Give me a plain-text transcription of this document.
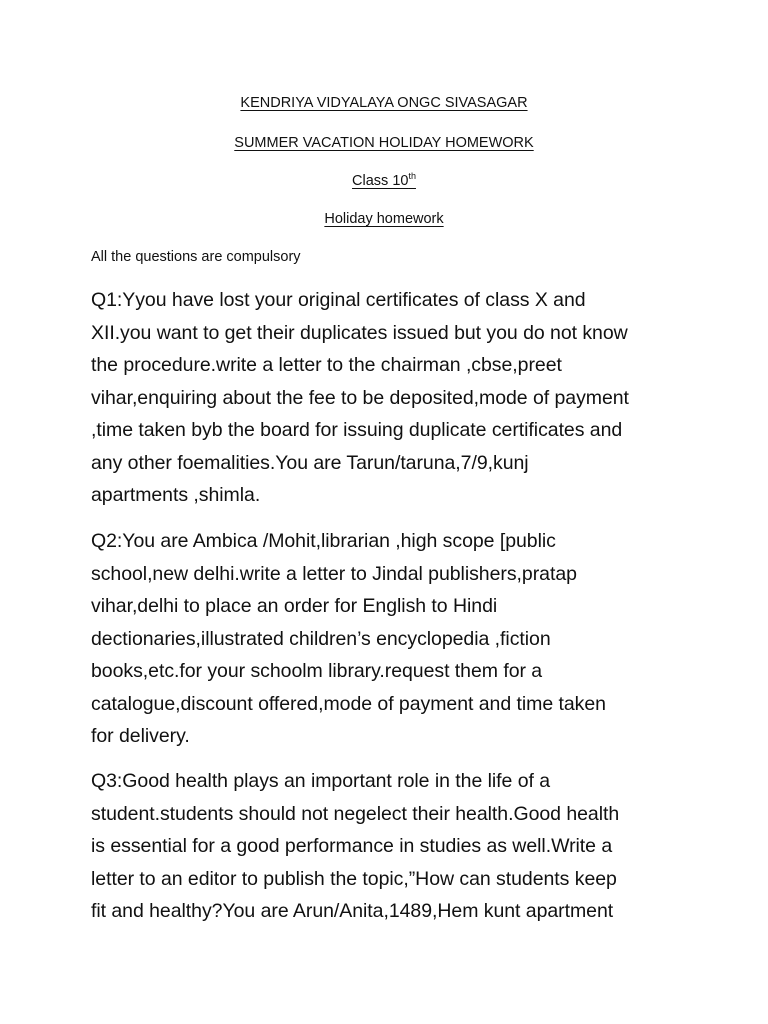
KENDRIYA VIDYALAYA ONGC SIVASAGAR
SUMMER VACATION HOLIDAY HOMEWORK
Class 10th
Holiday homework
All the questions are compulsory
Q1:Yyou have lost your original certificates of class X and
XII.you want to get their duplicates issued but you do not know
the procedure.write a letter to the chairman ,cbse,preet
vihar,enquiring about the fee to be deposited,mode of payment
,time taken byb the board for issuing duplicate certificates and
any other foemalities.You are Tarun/taruna,7/9,kunj
apartments ,shimla.
Q2:You are Ambica /Mohit,librarian ,high scope [public
school,new delhi.write a letter to Jindal publishers,pratap
vihar,delhi to place an order for English to Hindi
dectionaries,illustrated children’s encyclopedia ,fiction
books,etc.for your schoolm library.request them for a
catalogue,discount offered,mode of payment and time taken
for delivery.
Q3:Good health plays an important role in the life of a
student.students should not negelect their health.Good health
is essential for a good performance in studies as well.Write a
letter to an editor to publish the topic,”How can students keep
fit and healthy?You are Arun/Anita,1489,Hem kunt apartment
